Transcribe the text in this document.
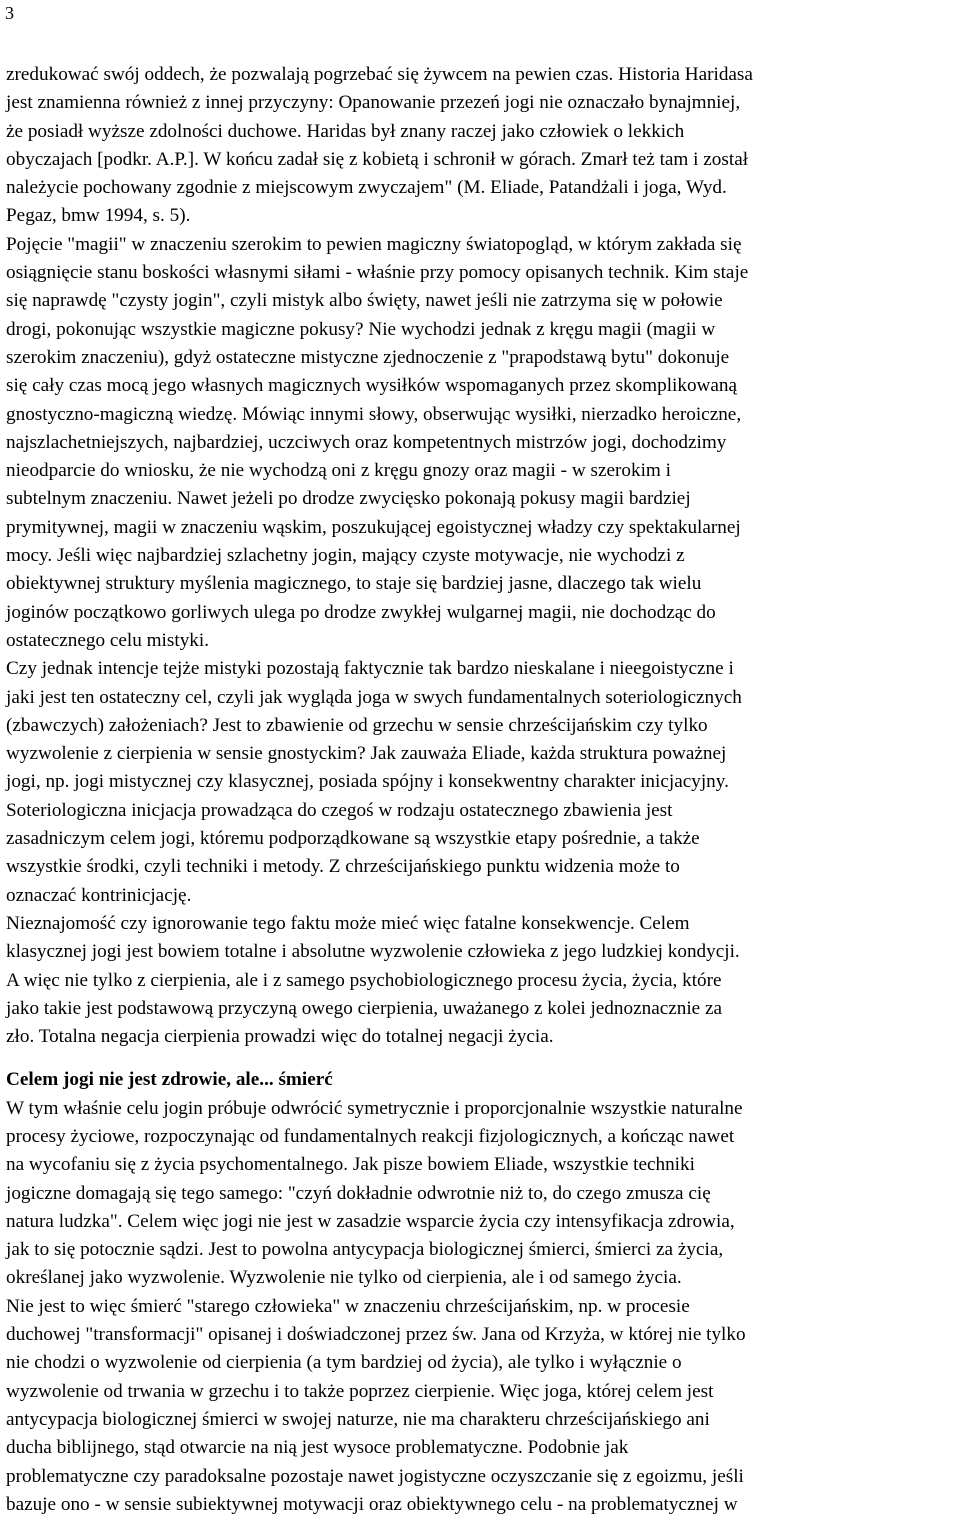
3
zredukować swój oddech, że pozwalają pogrzebać się żywcem na pewien czas. Historia Haridasa
jest znamienna również z innej przyczyny: Opanowanie przezeń jogi nie oznaczało bynajmniej,
że posiadł wyższe zdolności duchowe. Haridas był znany raczej jako człowiek o lekkich
obyczajach [podkr. A.P.]. W końcu zadał się z kobietą i schronił w górach. Zmarł też tam i został
należycie pochowany zgodnie z miejscowym zwyczajem" (M. Eliade, Patandżali i joga, Wyd.
Pegaz, bmw 1994, s. 5).
Pojęcie "magii" w znaczeniu szerokim to pewien magiczny światopogląd, w którym zakłada się
osiągnięcie stanu boskości własnymi siłami - właśnie przy pomocy opisanych technik. Kim staje
się naprawdę "czysty jogin", czyli mistyk albo święty, nawet jeśli nie zatrzyma się w połowie
drogi, pokonując wszystkie magiczne pokusy? Nie wychodzi jednak z kręgu magii (magii w
szerokim znaczeniu), gdyż ostateczne mistyczne zjednoczenie z "prapodstawą bytu" dokonuje
się cały czas mocą jego własnych magicznych wysiłków wspomaganych przez skomplikowaną
gnostyczno-magiczną wiedzę. Mówiąc innymi słowy, obserwując wysiłki, nierzadko heroiczne,
najszlachetniejszych, najbardziej, uczciwych oraz kompetentnych mistrzów jogi, dochodzimy
nieodparcie do wniosku, że nie wychodzą oni z kręgu gnozy oraz magii - w szerokim i
subtelnym znaczeniu. Nawet jeżeli po drodze zwycięsko pokonają pokusy magii bardziej
prymitywnej, magii w znaczeniu wąskim, poszukującej egoistycznej władzy czy spektakularnej
mocy. Jeśli więc najbardziej szlachetny jogin, mający czyste motywacje, nie wychodzi z
obiektywnej struktury myślenia magicznego, to staje się bardziej jasne, dlaczego tak wielu
joginów początkowo gorliwych ulega po drodze zwykłej wulgarnej magii, nie dochodząc do
ostatecznego celu mistyki.
Czy jednak intencje tejże mistyki pozostają faktycznie tak bardzo nieskalane i nieegoistyczne i
jaki jest ten ostateczny cel, czyli jak wygląda joga w swych fundamentalnych soteriologicznych
(zbawczych) założeniach? Jest to zbawienie od grzechu w sensie chrześcijańskim czy tylko
wyzwolenie z cierpienia w sensie gnostyckim? Jak zauważa Eliade, każda struktura poważnej
jogi, np. jogi mistycznej czy klasycznej, posiada spójny i konsekwentny charakter inicjacyjny.
Soteriologiczna inicjacja prowadząca do czegoś w rodzaju ostatecznego zbawienia jest
zasadniczym celem jogi, któremu podporządkowane są wszystkie etapy pośrednie, a także
wszystkie środki, czyli techniki i metody. Z chrześcijańskiego punktu widzenia może to
oznaczać kontrinicjację.
Nieznajomość czy ignorowanie tego faktu może mieć więc fatalne konsekwencje. Celem
klasycznej jogi jest bowiem totalne i absolutne wyzwolenie człowieka z jego ludzkiej kondycji.
A więc nie tylko z cierpienia, ale i z samego psychobiologicznego procesu życia, życia, które
jako takie jest podstawową przyczyną owego cierpienia, uważanego z kolei jednoznacznie za
zło. Totalna negacja cierpienia prowadzi więc do totalnej negacji życia.
Celem jogi nie jest zdrowie, ale... śmierć
W tym właśnie celu jogin próbuje odwrócić symetrycznie i proporcjonalnie wszystkie naturalne
procesy życiowe, rozpoczynając od fundamentalnych reakcji fizjologicznych, a kończąc nawet
na wycofaniu się z życia psychomentalnego. Jak pisze bowiem Eliade, wszystkie techniki
jogiczne domagają się tego samego: "czyń dokładnie odwrotnie niż to, do czego zmusza cię
natura ludzka". Celem więc jogi nie jest w zasadzie wsparcie życia czy intensyfikacja zdrowia,
jak to się potocznie sądzi. Jest to powolna antycypacja biologicznej śmierci, śmierci za życia,
określanej jako wyzwolenie. Wyzwolenie nie tylko od cierpienia, ale i od samego życia.
Nie jest to więc śmierć "starego człowieka" w znaczeniu chrześcijańskim, np. w procesie
duchowej "transformacji" opisanej i doświadczonej przez św. Jana od Krzyża, w której nie tylko
nie chodzi o wyzwolenie od cierpienia (a tym bardziej od życia), ale tylko i wyłącznie o
wyzwolenie od trwania w grzechu i to także poprzez cierpienie. Więc joga, której celem jest
antycypacja biologicznej śmierci w swojej naturze, nie ma charakteru chrześcijańskiego ani
ducha biblijnego, stąd otwarcie na nią jest wysoce problematyczne. Podobnie jak
problematyczne czy paradoksalne pozostaje nawet jogistyczne oczyszczanie się z egoizmu, jeśli
bazuje ono - w sensie subiektywnej motywacji oraz obiektywnego celu - na problematycznej w
